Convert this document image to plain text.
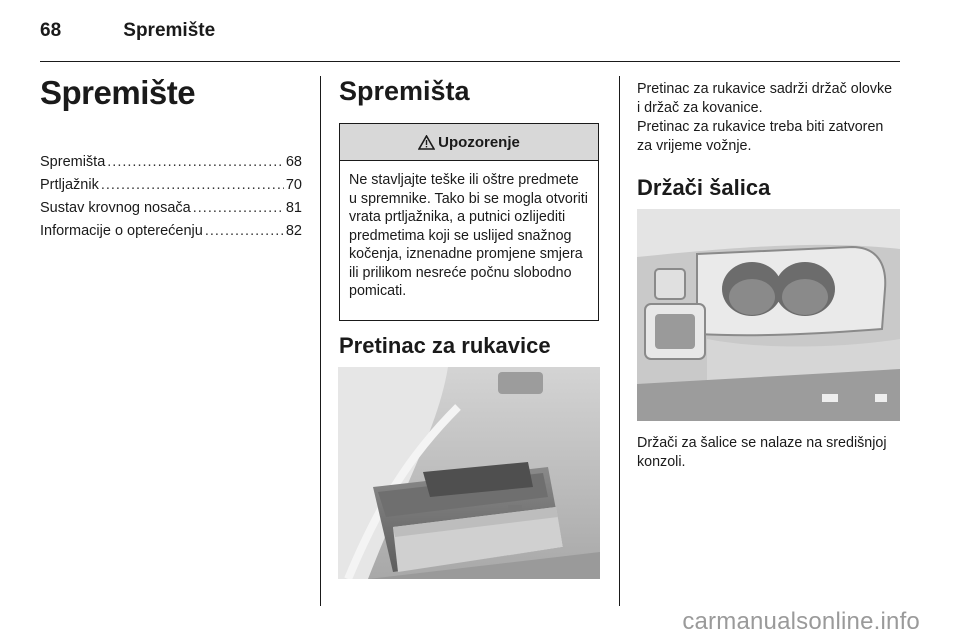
68	Spremište
Spremište
Spremišta .....	68
Prtljažnik .....	70
Sustav krovnog nosača .....	81
Informacije o opterećenju .....	82
Spremišta
Upozorenje
Ne stavljajte teške ili oštre predmete u spremnike. Tako bi se mogla otvoriti vrata prtljažnika, a putnici ozlijediti predmetima koji se uslijed snažnog kočenja, iznenadne promjene smjera ili prilikom nesreće počnu slobodno pomicati.
Pretinac za rukavice
Pretinac za rukavice sadrži držač olovke i držač za kovanice.
Pretinac za rukavice treba biti zatvoren za vrijeme vožnje.
Držači šalica
Držači za šalice se nalaze na središnjoj konzoli.
carmanualsonline.info
